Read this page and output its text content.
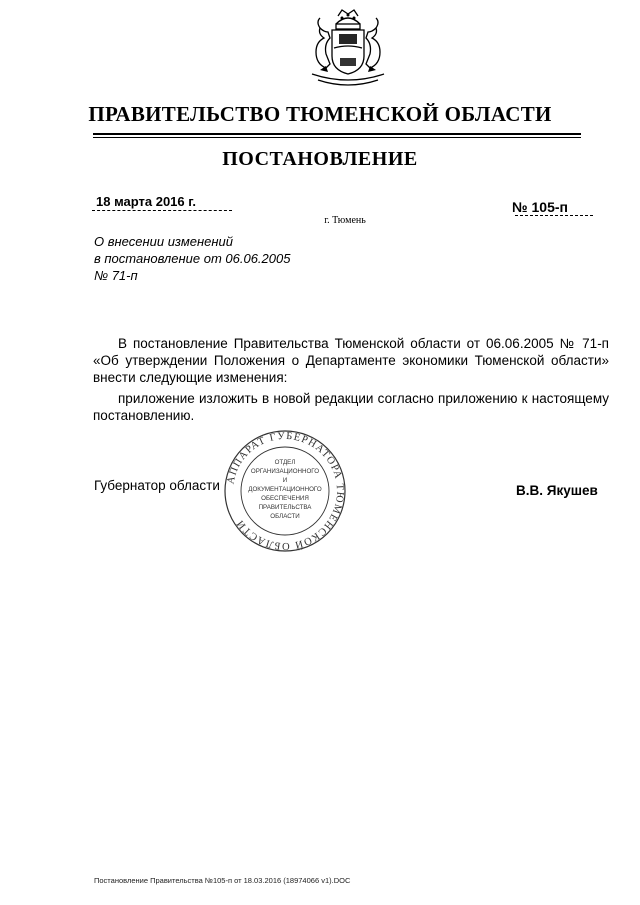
ПРАВИТЕЛЬСТВО ТЮМЕНСКОЙ ОБЛАСТИ
ПОСТАНОВЛЕНИЕ
18 марта 2016 г.	№ 105-п
г. Тюмень
О внесении изменений
в постановление от 06.06.2005
№ 71-п
В постановление Правительства Тюменской области от 06.06.2005 № 71-п «Об утверждении Положения о Департаменте экономики Тюменской области» внести следующие изменения:
приложение изложить в новой редакции согласно приложению к настоящему постановлению.
АППАРАТ ГУБЕРНАТОРА ТЮМЕНСКОЙ ОБЛАСТИ
ОТДЕЛ
ОРГАНИЗАЦИОННОГО
И
ДОКУМЕНТАЦИОННОГО
ОБЕСПЕЧЕНИЯ
ПРАВИТЕЛЬСТВА
ОБЛАСТИ
Губернатор области	В.В. Якушев
Постановление Правительства №105-п от 18.03.2016 (18974066 v1).DOC
